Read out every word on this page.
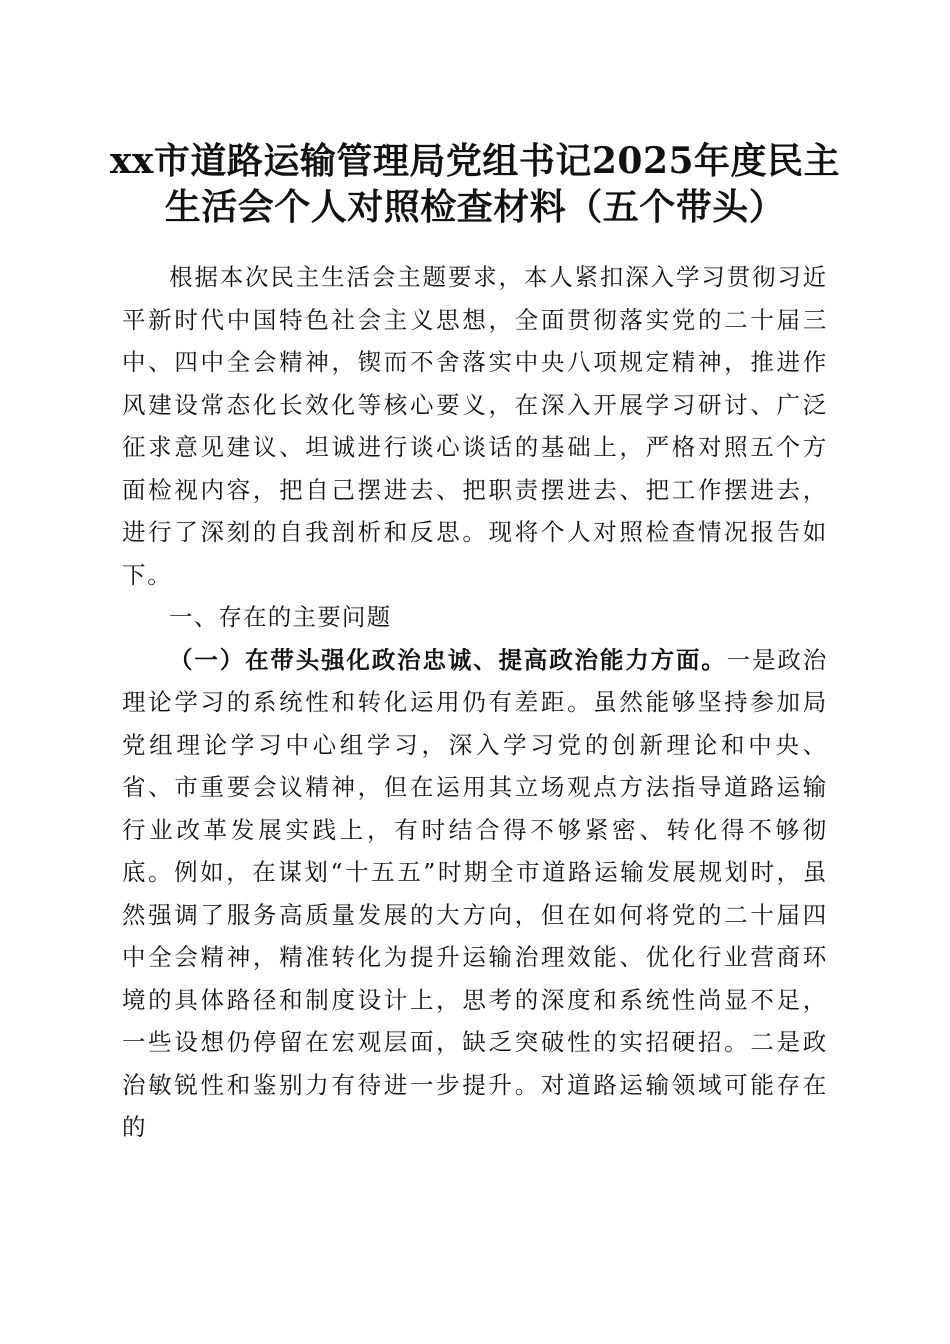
xx市道路运输管理局党组书记2025年度民主
生活会个人对照检查材料（五个带头）

根据本次民主生活会主题要求，本人紧扣深入学习贯彻习近平新时代中国特色社会主义思想，全面贯彻落实党的二十届三中、四中全会精神，锲而不舍落实中央八项规定精神，推进作风建设常态化长效化等核心要义，在深入开展学习研讨、广泛征求意见建议、坦诚进行谈心谈话的基础上，严格对照五个方面检视内容，把自己摆进去、把职责摆进去、把工作摆进去，进行了深刻的自我剖析和反思。现将个人对照检查情况报告如下。

一、存在的主要问题

（一）在带头强化政治忠诚、提高政治能力方面。一是政治理论学习的系统性和转化运用仍有差距。虽然能够坚持参加局党组理论学习中心组学习，深入学习党的创新理论和中央、省、市重要会议精神，但在运用其立场观点方法指导道路运输行业改革发展实践上，有时结合得不够紧密、转化得不够彻底。例如，在谋划“十五五”时期全市道路运输发展规划时，虽然强调了服务高质量发展的大方向，但在如何将党的二十届四中全会精神，精准转化为提升运输治理效能、优化行业营商环境的具体路径和制度设计上，思考的深度和系统性尚显不足，一些设想仍停留在宏观层面，缺乏突破性的实招硬招。二是政治敏锐性和鉴别力有待进一步提升。对道路运输领域可能存在的
